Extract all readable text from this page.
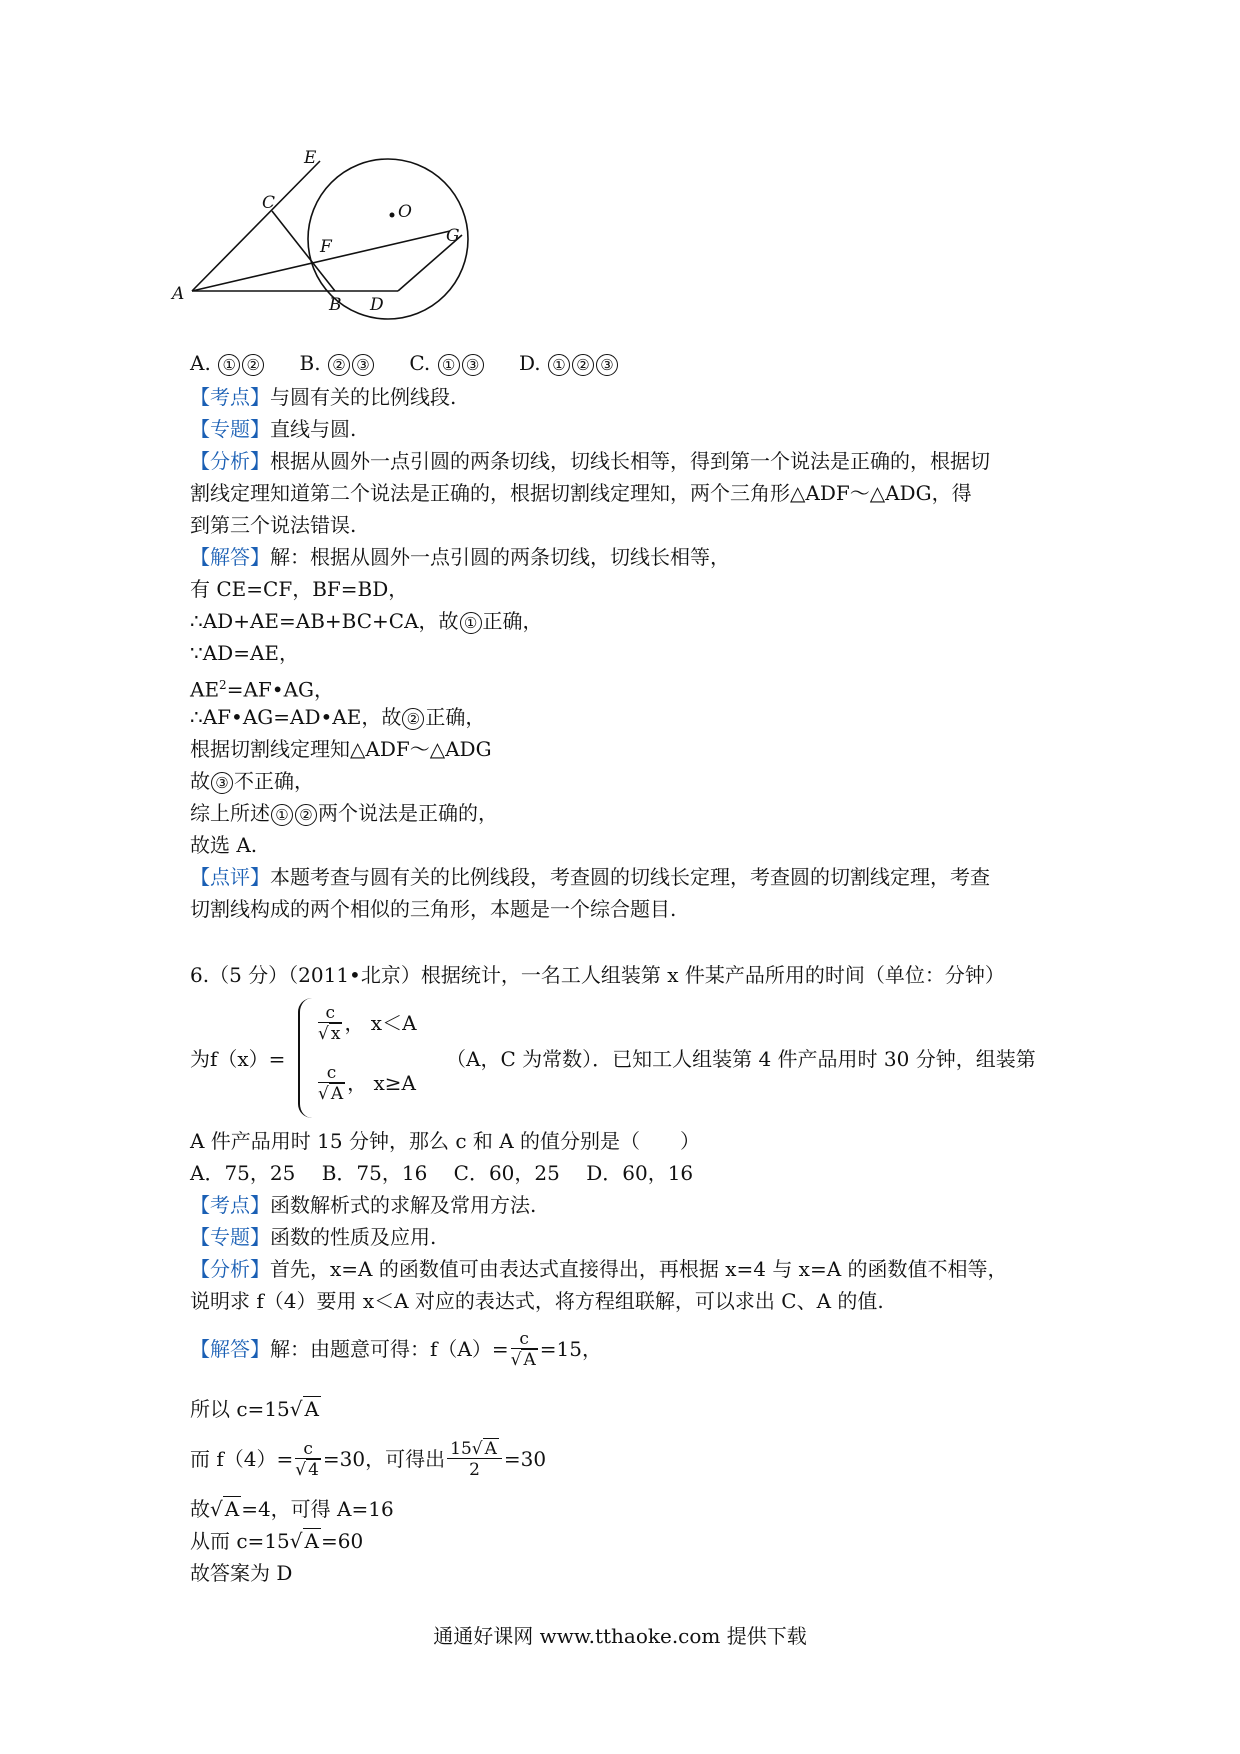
E
C	O
F
G
A
B D
A. ① ② B. ② ③ C. ① ③ D. ① ② ③
【考点】与圆有关的比例线段.
【专题】直线与圆.
【分析】根据从圆外一点引圆的两条切线，切线长相等，得到第一个说法是正确的，根据切
割线定理知道第二个说法是正确的，根据切割线定理知，两个三角形△ADF～△ADG，得
到第三个说法错误.
【解答】解：根据从圆外一点引圆的两条切线，切线长相等，
有 CE=CF，BF=BD，
∴AD+AE=AB+BC+CA，故 ① 正确，
∵AD=AE，
$AE^2=AF•AG$，
∴AF•AG=AD•AE，故 ② 正确，
根据切割线定理知△ADF～△ADG
故 ③ 不正确，
综上所述 ① ② 两个说法是正确的，
故选 A.
【点评】本题考查与圆有关的比例线段，考查圆的切线长定理，考查圆的切割线定理，考查
切割线构成的两个相似的三角形，本题是一个综合题目.
6.（5 分）（2011•北京）根据统计，一名工人组装第 x 件某产品所用的时间（单位：分钟）
为f（x）=
$\frac{c}{√ x}$ ， x＜A
$\frac{c}{√ A}$ ， x≥A
（A，C 为常数）．已知工人组装第 4 件产品用时 30 分钟，组装第
A 件产品用时 15 分钟，那么 c 和 A 的值分别是（　　）
A．75，25　 B．75，16　 C．60，25　 D．60，16
【考点】函数解析式的求解及常用方法.
【专题】函数的性质及应用.
【分析】首先，x=A 的函数值可由表达式直接得出，再根据 x=4 与 x=A 的函数值不相等，
说明求 f（4）要用 x＜A 对应的表达式，将方程组联解，可以求出 C、A 的值.
【解答】解：由题意可得：$f(A)= \frac{c}{√ A} =15$，
所以 c=15√ A
而 $f(4)= \frac{c}{√ 4} =30$，可得出 $\frac{15√ A}{2} =30$
故√ A =4，可得 A=16
从而 c=15√ A =60
故答案为 D
通通好课网 www.tthaoke.com 提供下载
